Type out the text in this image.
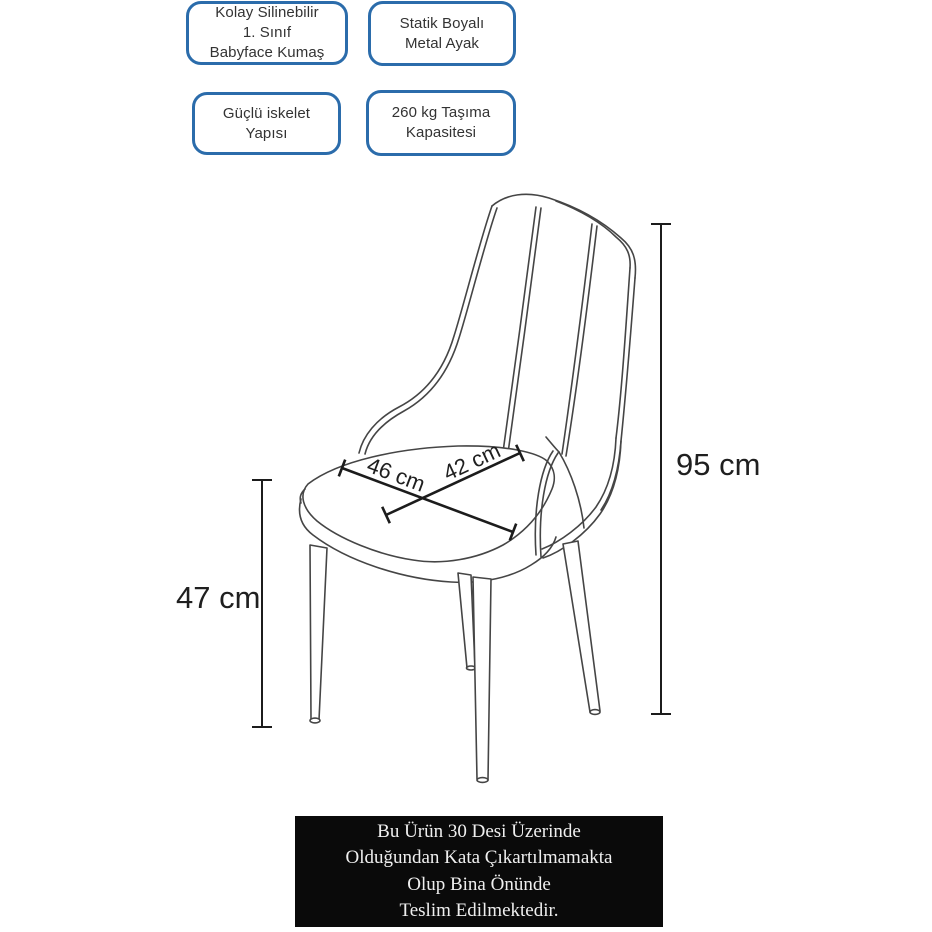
Kolay Silinebilir
1. Sınıf
Babyface Kumaş
Statik Boyalı
Metal Ayak
Güçlü iskelet
Yapısı
260 kg Taşıma
Kapasitesi
46 cm 42 cm	95 cm
47 cm
Bu Ürün 30 Desi Üzerinde
Olduğundan Kata Çıkartılmamakta
Olup Bina Önünde
Teslim Edilmektedir.
